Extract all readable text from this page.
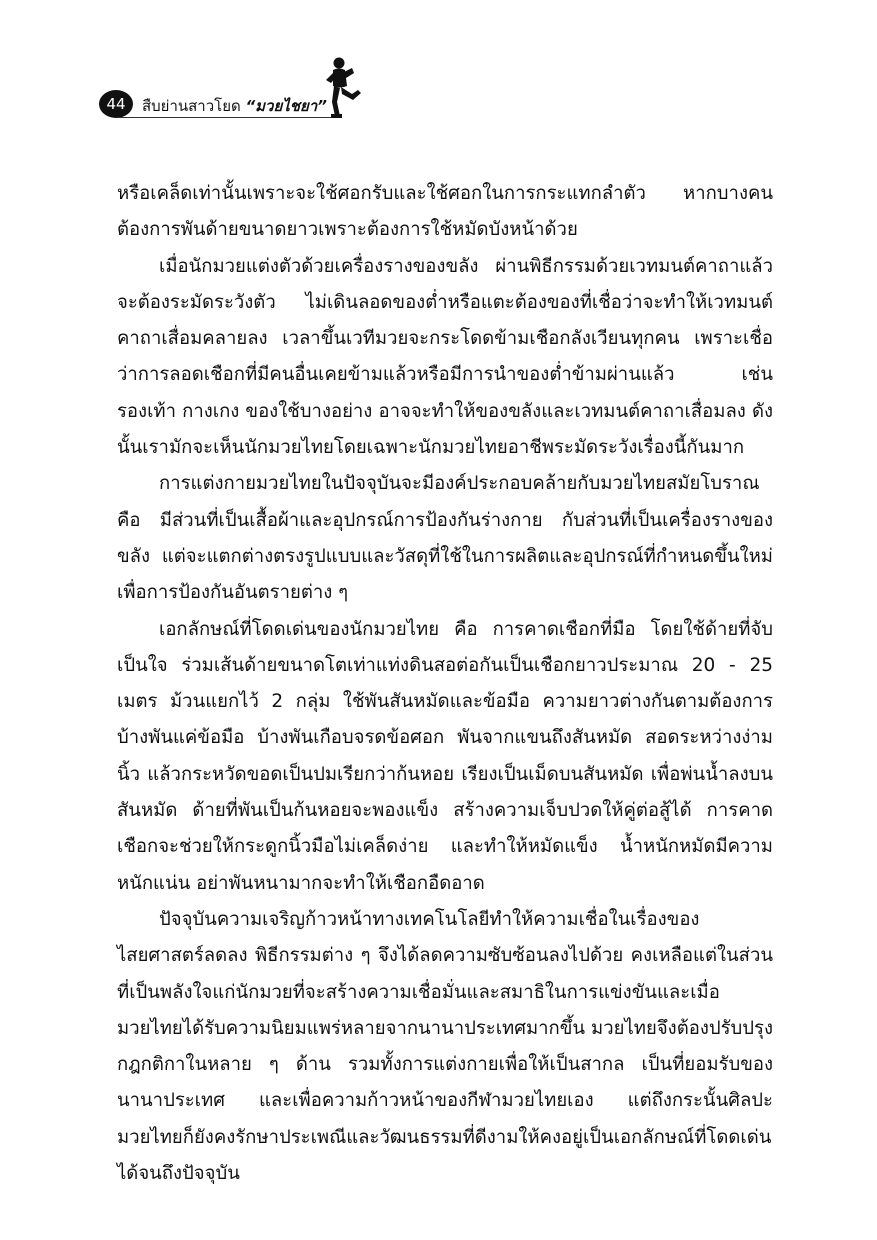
44	สืบย่านสาวโยด “มวยไชยา”

หรือเคล็ดเท่านั้นเพราะจะใช้ศอกรับและใช้ศอกในการกระแทกลำตัว หากบางคนต้องการพันด้ายขนาดยาวเพราะต้องการใช้หมัดบังหน้าด้วย

เมื่อนักมวยแต่งตัวด้วยเครื่องรางของขลัง ผ่านพิธีกรรมด้วยเวทมนต์คาถาแล้ว จะต้องระมัดระวังตัว ไม่เดินลอดของต่ำหรือแตะต้องของที่เชื่อว่าจะทำให้เวทมนต์คาถาเสื่อมคลายลง เวลาขึ้นเวทีมวยจะกระโดดข้ามเชือกลังเวียนทุกคน เพราะเชื่อว่าการลอดเชือกที่มีคนอื่นเคยข้ามแล้วหรือมีการนำของต่ำข้ามผ่านแล้ว เช่น รองเท้า กางเกง ของใช้บางอย่าง อาจจะทำให้ของขลังและเวทมนต์คาถาเสื่อมลง ดังนั้นเรามักจะเห็นนักมวยไทยโดยเฉพาะนักมวยไทยอาชีพระมัดระวังเรื่องนี้กันมาก

การแต่งกายมวยไทยในปัจจุบันจะมีองค์ประกอบคล้ายกับมวยไทยสมัยโบราณ คือ มีส่วนที่เป็นเสื้อผ้าและอุปกรณ์การป้องกันร่างกาย กับส่วนที่เป็นเครื่องรางของขลัง แต่จะแตกต่างตรงรูปแบบและวัสดุที่ใช้ในการผลิตและอุปกรณ์ที่กำหนดขึ้นใหม่เพื่อการป้องกันอันตรายต่าง ๆ

เอกลักษณ์ที่โดดเด่นของนักมวยไทย คือ การคาดเชือกที่มือ โดยใช้ด้ายที่จับเป็นใจ ร่วมเส้นด้ายขนาดโตเท่าแท่งดินสอต่อกันเป็นเชือกยาวประมาณ 20 - 25 เมตร ม้วนแยกไว้ 2 กลุ่ม ใช้พันสันหมัดและข้อมือ ความยาวต่างกันตามต้องการ บ้างพันแค่ข้อมือ บ้างพันเกือบจรดข้อศอก พันจากแขนถึงสันหมัด สอดระหว่างง่ามนิ้ว แล้วกระหวัดขอดเป็นปมเรียกว่าก้นหอย เรียงเป็นเม็ดบนสันหมัด เพื่อพ่นน้ำลงบนสันหมัด ด้ายที่พันเป็นก้นหอยจะพองแข็ง สร้างความเจ็บปวดให้คู่ต่อสู้ได้ การคาดเชือกจะช่วยให้กระดูกนิ้วมือไม่เคล็ดง่าย และทำให้หมัดแข็ง น้ำหนักหมัดมีความหนักแน่น อย่าพันหนามากจะทำให้เชือกอืดอาด

ปัจจุบันความเจริญก้าวหน้าทางเทคโนโลยีทำให้ความเชื่อในเรื่องของไสยศาสตร์ลดลง พิธีกรรมต่าง ๆ จึงได้ลดความซับซ้อนลงไปด้วย คงเหลือแต่ในส่วนที่เป็นพลังใจแก่นักมวยที่จะสร้างความเชื่อมั่นและสมาธิในการแข่งขันและเมื่อมวยไทยได้รับความนิยมแพร่หลายจากนานาประเทศมากขึ้น มวยไทยจึงต้องปรับปรุงกฎกติกาในหลาย ๆ ด้าน รวมทั้งการแต่งกายเพื่อให้เป็นสากล เป็นที่ยอมรับของนานาประเทศ และเพื่อความก้าวหน้าของกีฬามวยไทยเอง แต่ถึงกระนั้นศิลปะมวยไทยก็ยังคงรักษาประเพณีและวัฒนธรรมที่ดีงามให้คงอยู่เป็นเอกลักษณ์ที่โดดเด่นได้จนถึงปัจจุบัน
